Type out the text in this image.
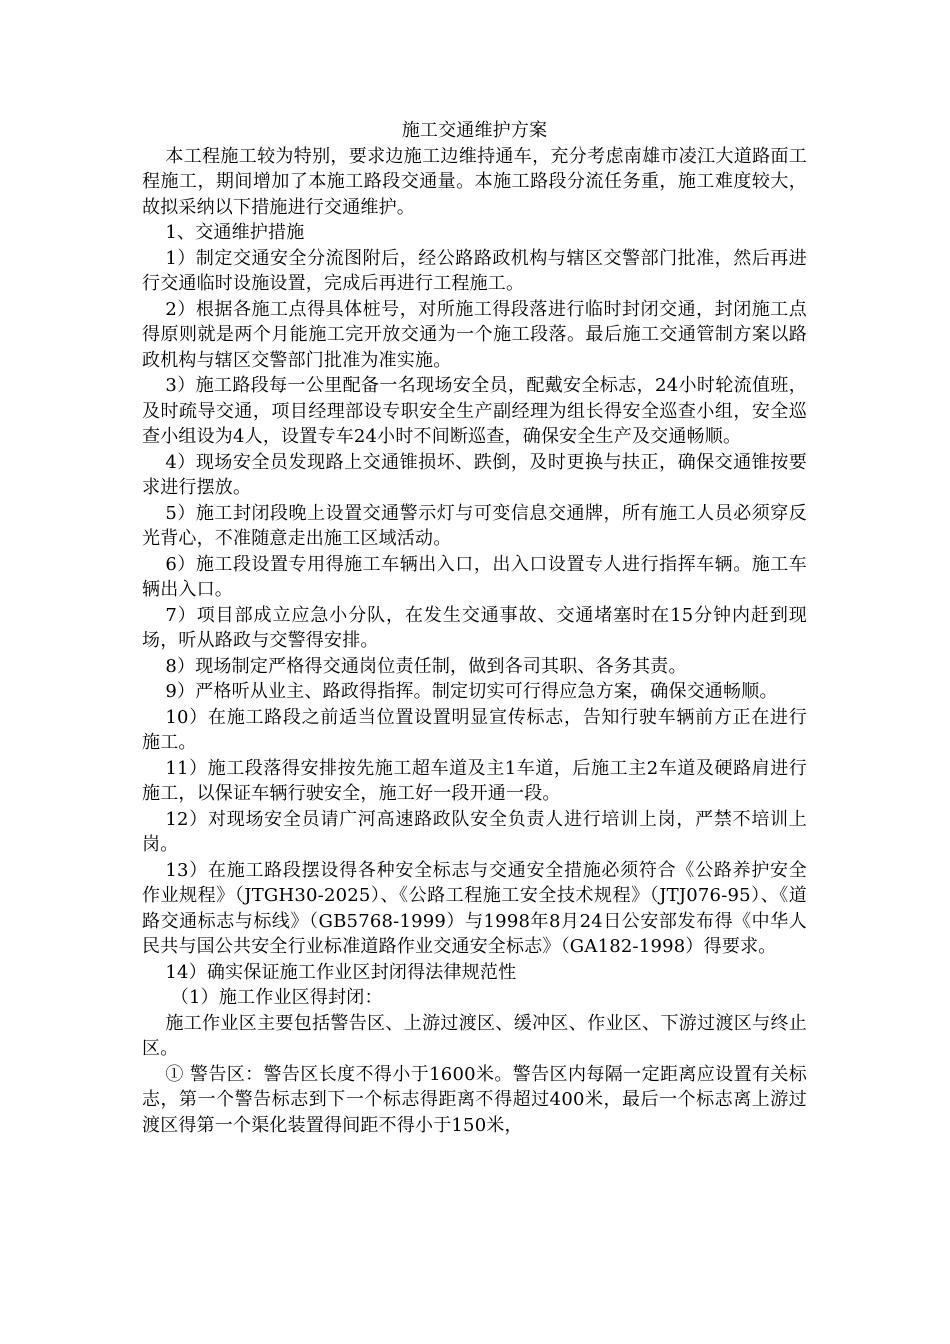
施工交通维护方案

本工程施工较为特别，要求边施工边维持通车，充分考虑南雄市凌江大道路面工程施工，期间增加了本施工路段交通量。本施工路段分流任务重，施工难度较大，故拟采纳以下措施进行交通维护。

1、交通维护措施

1）制定交通安全分流图附后，经公路路政机构与辖区交警部门批准，然后再进行交通临时设施设置，完成后再进行工程施工。

2）根据各施工点得具体桩号，对所施工得段落进行临时封闭交通，封闭施工点得原则就是两个月能施工完开放交通为一个施工段落。最后施工交通管制方案以路政机构与辖区交警部门批准为准实施。

3）施工路段每一公里配备一名现场安全员，配戴安全标志，24小时轮流值班，及时疏导交通，项目经理部设专职安全生产副经理为组长得安全巡查小组，安全巡查小组设为4人，设置专车24小时不间断巡查，确保安全生产及交通畅顺。

4）现场安全员发现路上交通锥损坏、跌倒，及时更换与扶正，确保交通锥按要求进行摆放。

5）施工封闭段晚上设置交通警示灯与可变信息交通牌，所有施工人员必须穿反光背心，不准随意走出施工区域活动。

6）施工段设置专用得施工车辆出入口，出入口设置专人进行指挥车辆。施工车辆出入口。

7）项目部成立应急小分队，在发生交通事故、交通堵塞时在15分钟内赶到现场，听从路政与交警得安排。

8）现场制定严格得交通岗位责任制，做到各司其职、各务其责。

9）严格听从业主、路政得指挥。制定切实可行得应急方案，确保交通畅顺。

10）在施工路段之前适当位置设置明显宣传标志，告知行驶车辆前方正在进行施工。

11）施工段落得安排按先施工超车道及主1车道，后施工主2车道及硬路肩进行施工，以保证车辆行驶安全，施工好一段开通一段。

12）对现场安全员请广河高速路政队安全负责人进行培训上岗，严禁不培训上岗。

13）在施工路段摆设得各种安全标志与交通安全措施必须符合《公路养护安全作业规程》（JTGH30-2025）、《公路工程施工安全技术规程》（JTJ076-95）、《道路交通标志与标线》（GB5768-1999）与1998年8月24日公安部发布得《中华人民共与国公共安全行业标准道路作业交通安全标志》（GA182-1998）得要求。

14）确实保证施工作业区封闭得法律规范性

（1）施工作业区得封闭：

施工作业区主要包括警告区、上游过渡区、缓冲区、作业区、下游过渡区与终止区。

① 警告区：警告区长度不得小于1600米。警告区内每隔一定距离应设置有关标志，第一个警告标志到下一个标志得距离不得超过400米，最后一个标志离上游过渡区得第一个渠化装置得间距不得小于150米，
